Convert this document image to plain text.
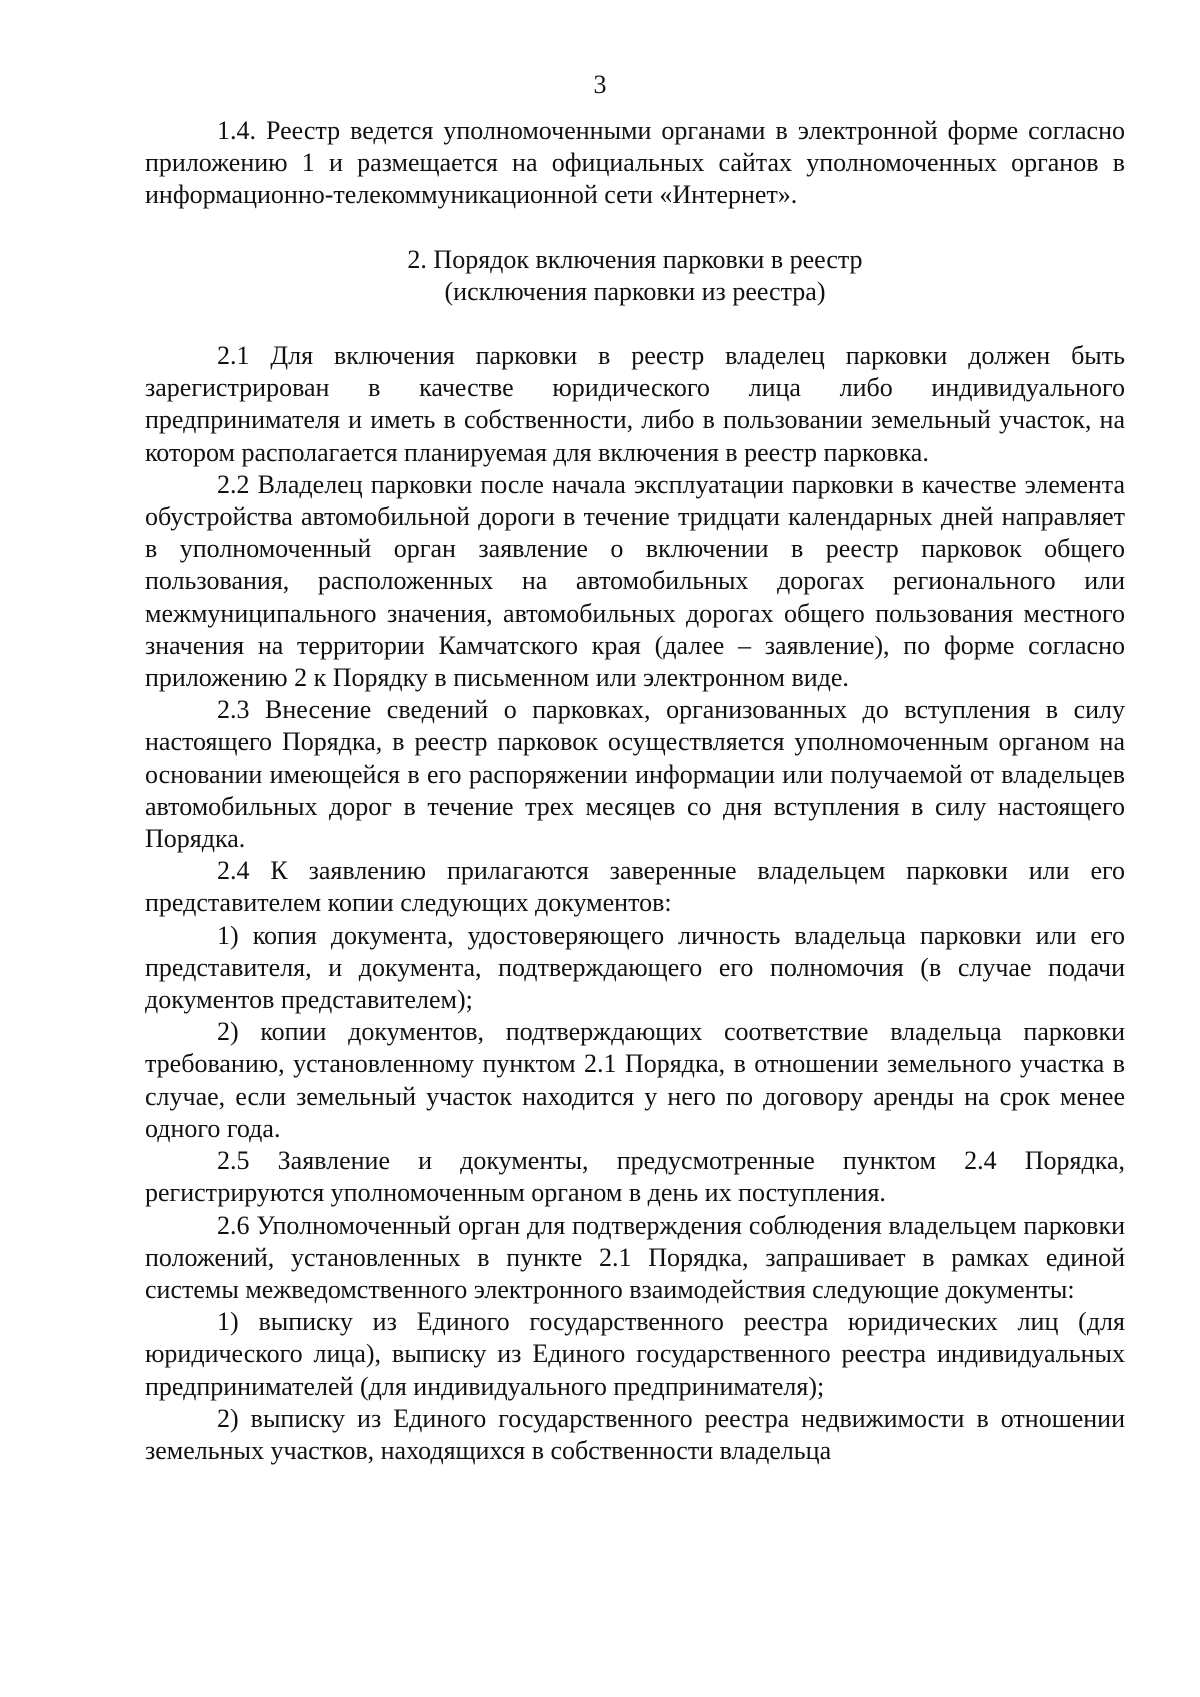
3

1.4. Реестр ведется уполномоченными органами в электронной форме согласно приложению 1 и размещается на официальных сайтах уполномоченных органов в информационно-телекоммуникационной сети «Интернет».

2. Порядок включения парковки в реестр
(исключения парковки из реестра)

2.1 Для включения парковки в реестр владелец парковки должен быть зарегистрирован в качестве юридического лица либо индивидуального предпринимателя и иметь в собственности, либо в пользовании земельный участок, на котором располагается планируемая для включения в реестр парковка.

2.2 Владелец парковки после начала эксплуатации парковки в качестве элемента обустройства автомобильной дороги в течение тридцати календарных дней направляет в уполномоченный орган заявление о включении в реестр парковок общего пользования, расположенных на автомобильных дорогах регионального или межмуниципального значения, автомобильных дорогах общего пользования местного значения на территории Камчатского края (далее – заявление), по форме согласно приложению 2 к Порядку в письменном или электронном виде.

2.3 Внесение сведений о парковках, организованных до вступления в силу настоящего Порядка, в реестр парковок осуществляется уполномоченным органом на основании имеющейся в его распоряжении информации или получаемой от владельцев автомобильных дорог в течение трех месяцев со дня вступления в силу настоящего Порядка.

2.4 К заявлению прилагаются заверенные владельцем парковки или его представителем копии следующих документов:

1) копия документа, удостоверяющего личность владельца парковки или его представителя, и документа, подтверждающего его полномочия (в случае подачи документов представителем);

2) копии документов, подтверждающих соответствие владельца парковки требованию, установленному пунктом 2.1 Порядка, в отношении земельного участка в случае, если земельный участок находится у него по договору аренды на срок менее одного года.

2.5 Заявление и документы, предусмотренные пунктом 2.4 Порядка, регистрируются уполномоченным органом в день их поступления.

2.6 Уполномоченный орган для подтверждения соблюдения владельцем парковки положений, установленных в пункте 2.1 Порядка, запрашивает в рамках единой системы межведомственного электронного взаимодействия следующие документы:

1) выписку из Единого государственного реестра юридических лиц (для юридического лица), выписку из Единого государственного реестра индивидуальных предпринимателей (для индивидуального предпринимателя);

2) выписку из Единого государственного реестра недвижимости в отношении земельных участков, находящихся в собственности владельца
